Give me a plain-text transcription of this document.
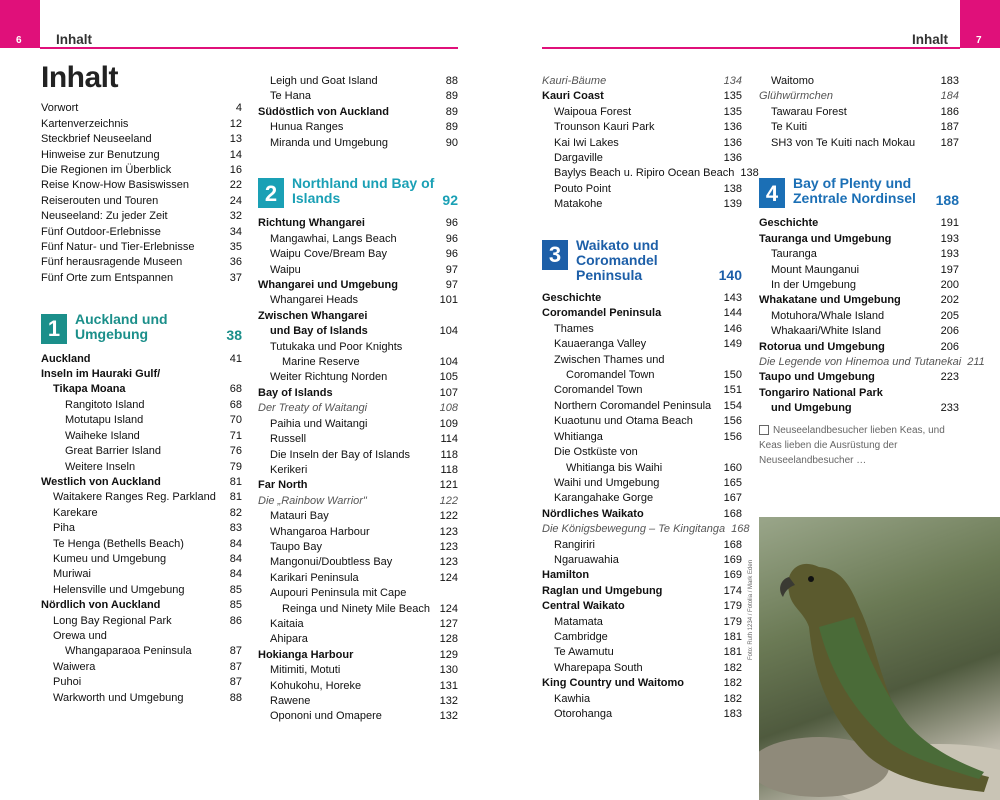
6	Inhalt	7
Inhalt
Inhalt
Vorwort	4
Kartenverzeichnis	12
Steckbrief Neuseeland	13
Hinweise zur Benutzung	14
Die Regionen im Überblick	16
Reise Know-How Basiswissen	22
Reiserouten und Touren	24
Neuseeland: Zu jeder Zeit	32
Fünf Outdoor-Erlebnisse	34
Fünf Natur- und Tier-Erlebnisse	35
Fünf herausragende Museen	36
Fünf Orte zum Entspannen	37
1	Auckland und Umgebung	38
Auckland	41
Inseln im Hauraki Gulf/
Tikapa Moana	68
Rangitoto Island	68
Motutapu Island	70
Waiheke Island	71
Great Barrier Island	76
Weitere Inseln	79
Westlich von Auckland	81
Waitakere Ranges Reg. Parkland	81
Karekare	82
Piha	83
Te Henga (Bethells Beach)	84
Kumeu und Umgebung	84
Muriwai	84
Helensville und Umgebung	85
Nördlich von Auckland	85
Long Bay Regional Park	86
Orewa und
Whangaparaoa Peninsula	87
Waiwera	87
Puhoi	87
Warkworth und Umgebung	88
Leigh und Goat Island	88
Te Hana	89
Südöstlich von Auckland	89
Hunua Ranges	89
Miranda und Umgebung	90
2	Northland und Bay of Islands	92
Richtung Whangarei	96
Mangawhai, Langs Beach	96
Waipu Cove/Bream Bay	96
Waipu	97
Whangarei und Umgebung	97
Whangarei Heads	101
Zwischen Whangarei
und Bay of Islands	104
Tutukaka und Poor Knights
Marine Reserve	104
Weiter Richtung Norden	105
Bay of Islands	107
Der Treaty of Waitangi	108
Paihia und Waitangi	109
Russell	114
Die Inseln der Bay of Islands	118
Kerikeri	118
Far North	121
Die „Rainbow Warrior"	122
Matauri Bay	122
Whangaroa Harbour	123
Taupo Bay	123
Mangonui/Doubtless Bay	123
Karikari Peninsula	124
Aupouri Peninsula mit Cape
Reinga und Ninety Mile Beach 124
Kaitaia	127
Ahipara	128
Hokianga Harbour	129
Mitimiti, Motuti	130
Kohukohu, Horeke	131
Rawene	132
Opononi und Omapere	132
Kauri-Bäume	134
Kauri Coast	135
Waipoua Forest	135
Trounson Kauri Park	136
Kai Iwi Lakes	136
Dargaville	136
Baylys Beach u. Ripiro Ocean Beach 138
Pouto Point	138
Matakohe	139
3	Waikato und Coromandel Peninsula	140
Geschichte	143
Coromandel Peninsula	144
Thames	146
Kauaeranga Valley	149
Zwischen Thames und
Coromandel Town	150
Coromandel Town	151
Northern Coromandel Peninsula	154
Kuaotunu und Otama Beach	156
Whitianga	156
Die Ostküste von
Whitianga bis Waihi	160
Waihi und Umgebung	165
Karangahake Gorge	167
Nördliches Waikato	168
Die Königsbewegung – Te Kingitanga 168
Rangiriri	168
Ngaruawahia	169
Hamilton	169
Raglan und Umgebung	174
Central Waikato	179
Matamata	179
Cambridge	181
Te Awamutu	181
Wharepapa South	182
King Country und Waitomo	182
Kawhia	182
Otorohanga	183
Waitomo	183
Glühwürmchen	184
Tawarau Forest	186
Te Kuiti	187
SH3 von Te Kuiti nach Mokau	187
4	Bay of Plenty und Zentrale Nordinsel	188
Geschichte	191
Tauranga und Umgebung	193
Tauranga	193
Mount Maunganui	197
In der Umgebung	200
Whakatane und Umgebung	202
Motuhora/Whale Island	205
Whakaari/White Island	206
Rotorua und Umgebung	206
Die Legende von Hinemoa und Tutanekai 211
Taupo und Umgebung	223
Tongariro National Park
und Umgebung	233
Neuseelandbesucher lieben Keas, und Keas lieben die Ausrüstung der Neuseelandbesucher …
Foto: Ruth 1234 / Fotolia / Mark Eden
